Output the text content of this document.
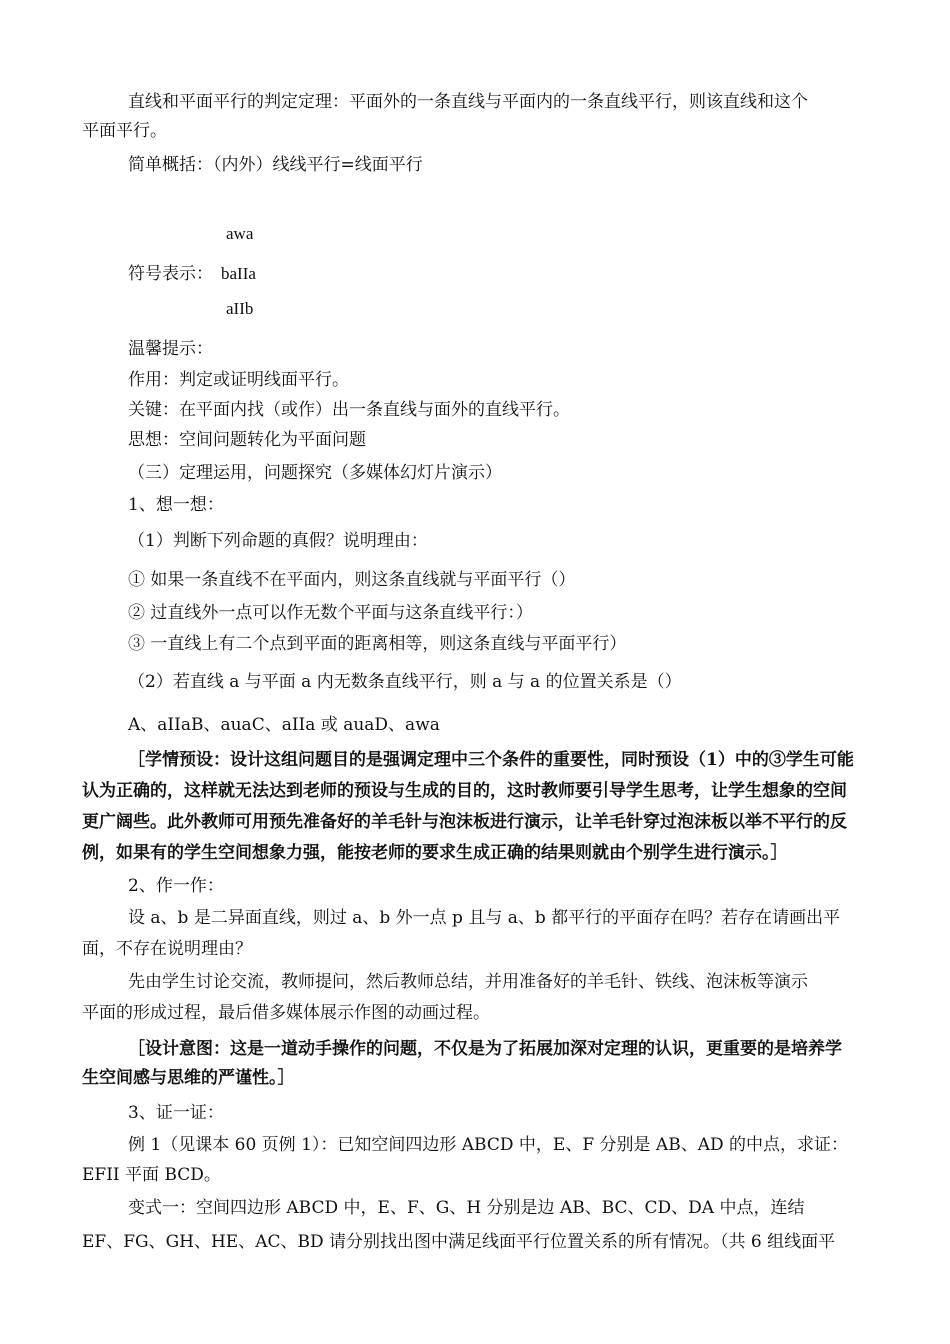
直线和平面平行的判定定理：平面外的一条直线与平面内的一条直线平行，则该直线和这个
平面平行。
简单概括：（内外）线线平行=线面平行
awa
符号表示： baIIa
aIIb
温馨提示：
作用：判定或证明线面平行。
关键：在平面内找（或作）出一条直线与面外的直线平行。
思想：空间问题转化为平面问题
（三）定理运用，问题探究（多媒体幻灯片演示）
1、想一想：
（1）判断下列命题的真假？说明理由：
① 如果一条直线不在平面内，则这条直线就与平面平行（）
② 过直线外一点可以作无数个平面与这条直线平行：）
③ 一直线上有二个点到平面的距离相等，则这条直线与平面平行）
（2）若直线 a 与平面 a 内无数条直线平行，则 a 与 a 的位置关系是（）
A、aIIaB、auaC、aIIa 或 auaD、awa
［学情预设：设计这组问题目的是强调定理中三个条件的重要性，同时预设（1）中的③学生可能
认为正确的，这样就无法达到老师的预设与生成的目的，这时教师要引导学生思考，让学生想象的空间
更广阔些。此外教师可用预先准备好的羊毛针与泡沫板进行演示，让羊毛针穿过泡沫板以举不平行的反
例，如果有的学生空间想象力强，能按老师的要求生成正确的结果则就由个别学生进行演示。］
2、作一作：
设 a、b 是二异面直线，则过 a、b 外一点 p 且与 a、b 都平行的平面存在吗？若存在请画出平
面，不存在说明理由？
先由学生讨论交流，教师提问，然后教师总结，并用准备好的羊毛针、铁线、泡沫板等演示
平面的形成过程，最后借多媒体展示作图的动画过程。
［设计意图：这是一道动手操作的问题，不仅是为了拓展加深对定理的认识，更重要的是培养学
生空间感与思维的严谨性。］
3、证一证：
例 1（见课本 60 页例 1）：已知空间四边形 ABCD 中，E、F 分别是 AB、AD 的中点，求证：
EFII 平面 BCD。
变式一：空间四边形 ABCD 中，E、F、G、H 分别是边 AB、BC、CD、DA 中点，连结
EF、FG、GH、HE、AC、BD 请分别找出图中满足线面平行位置关系的所有情况。（共 6 组线面平
